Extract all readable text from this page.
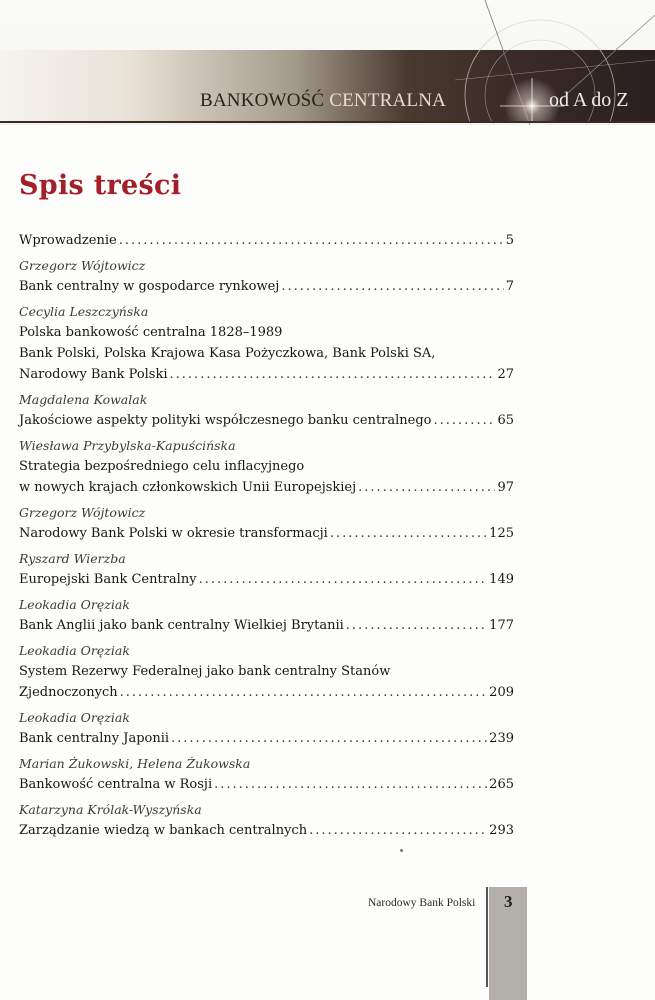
BANKOWOŚĆ CENTRALNA	od A do Z
Spis treści
Wprowadzenie .....	5
Grzegorz Wójtowicz
Bank centralny w gospodarce rynkowej .....	7
Cecylia Leszczyńska
Polska bankowość centralna 1828–1989
Bank Polski, Polska Krajowa Kasa Pożyczkowa, Bank Polski SA,
Narodowy Bank Polski .....	27
Magdalena Kowalak
Jakościowe aspekty polityki współczesnego banku centralnego .....	65
Wiesława Przybylska-Kapuścińska
Strategia bezpośredniego celu inflacyjnego
w nowych krajach członkowskich Unii Europejskiej .....	97
Grzegorz Wójtowicz
Narodowy Bank Polski w okresie transformacji .....	125
Ryszard Wierzba
Europejski Bank Centralny .....	149
Leokadia Oręziak
Bank Anglii jako bank centralny Wielkiej Brytanii .....	177
Leokadia Oręziak
System Rezerwy Federalnej jako bank centralny Stanów
Zjednoczonych .....	209
Leokadia Oręziak
Bank centralny Japonii .....	239
Marian Żukowski, Helena Żukowska
Bankowość centralna w Rosji .....	265
Katarzyna Królak-Wyszyńska
Zarządzanie wiedzą w bankach centralnych .....	293
Narodowy Bank Polski 3
